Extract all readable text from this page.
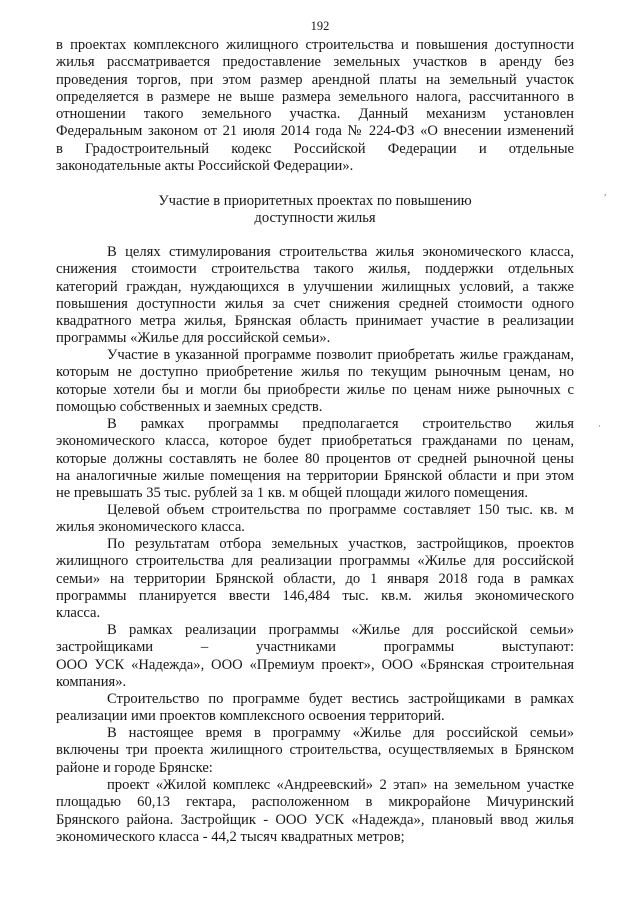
192
в проектах комплексного жилищного строительства и повышения доступности
жилья рассматривается предоставление земельных участков в аренду без
проведения торгов, при этом размер арендной платы на земельный участок
определяется в размере не выше размера земельного налога, рассчитанного в
отношении такого земельного участка. Данный механизм установлен
Федеральным законом от 21 июля 2014 года № 224-ФЗ «О внесении изменений
в Градостроительный кодекс Российской Федерации и отдельные
законодательные акты Российской Федерации».
Участие в приоритетных проектах по повышению
доступности жилья
В целях стимулирования строительства жилья экономического класса,
снижения стоимости строительства такого жилья, поддержки отдельных
категорий граждан, нуждающихся в улучшении жилищных условий, а также
повышения доступности жилья за счет снижения средней стоимости одного
квадратного метра жилья, Брянская область принимает участие в реализации
программы «Жилье для российской семьи».
Участие в указанной программе позволит приобретать жилье гражданам,
которым не доступно приобретение жилья по текущим рыночным ценам, но
которые хотели бы и могли бы приобрести жилье по ценам ниже рыночных с
помощью собственных и заемных средств.
В рамках программы предполагается строительство жилья
экономического класса, которое будет приобретаться гражданами по ценам,
которые должны составлять не более 80 процентов от средней рыночной цены
на аналогичные жилые помещения на территории Брянской области и при этом
не превышать 35 тыс. рублей за 1 кв. м общей площади жилого помещения.
Целевой объем строительства по программе составляет 150 тыс. кв. м
жилья экономического класса.
По результатам отбора земельных участков, застройщиков, проектов
жилищного строительства для реализации программы «Жилье для российской
семьи» на территории Брянской области, до 1 января 2018 года в рамках
программы планируется ввести 146,484 тыс. кв.м. жилья экономического
класса.
В рамках реализации программы «Жилье для российской семьи»
застройщиками – участниками программы выступают:
ООО УСК «Надежда», ООО «Премиум проект», ООО «Брянская строительная
компания».
Строительство по программе будет вестись застройщиками в рамках
реализации ими проектов комплексного освоения территорий.
В настоящее время в программу «Жилье для российской семьи»
включены три проекта жилищного строительства, осуществляемых в Брянском
районе и городе Брянске:
проект «Жилой комплекс «Андреевский» 2 этап» на земельном участке
площадью 60,13 гектара, расположенном в микрорайоне Мичуринский
Брянского района. Застройщик - ООО УСК «Надежда», плановый ввод жилья
экономического класса - 44,2 тысяч квадратных метров;
,
·
